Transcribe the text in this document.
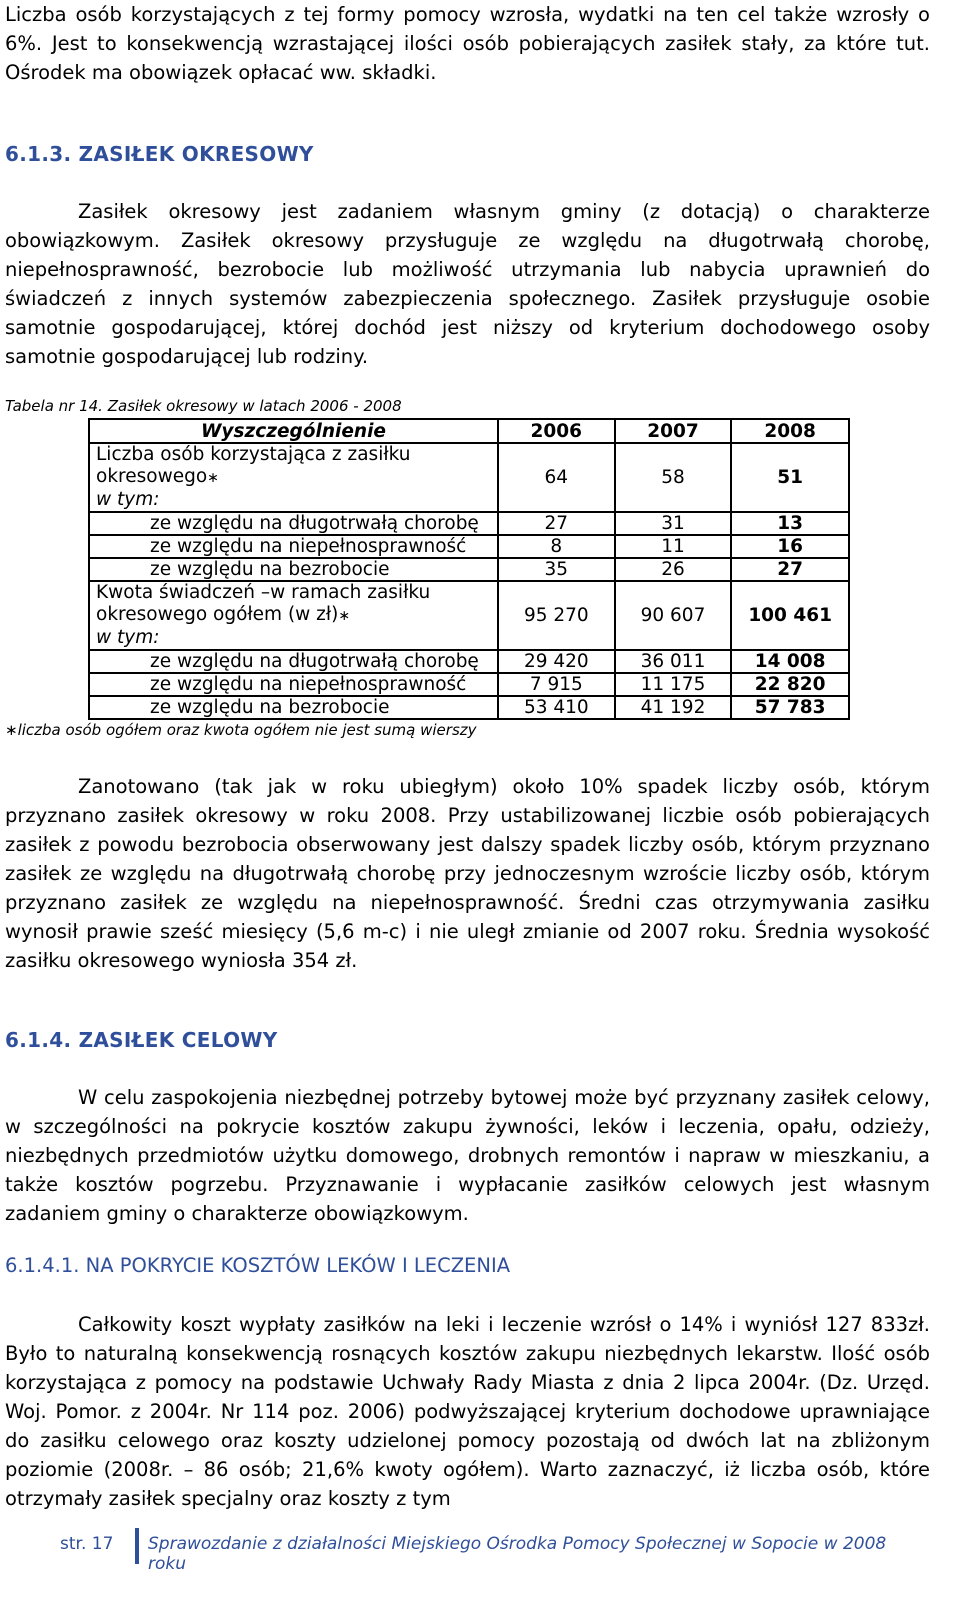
Liczba osób korzystających z tej formy pomocy wzrosła, wydatki na ten cel także wzrosły o 6%. Jest to konsekwencją wzrastającej ilości osób pobierających zasiłek stały, za które tut. Ośrodek ma obowiązek opłacać ww. składki.

6.1.3. ZASIŁEK OKRESOWY

Zasiłek okresowy jest zadaniem własnym gminy (z dotacją) o charakterze obowiązkowym. Zasiłek okresowy przysługuje ze względu na długotrwałą chorobę, niepełnosprawność, bezrobocie lub możliwość utrzymania lub nabycia uprawnień do świadczeń z innych systemów zabezpieczenia społecznego. Zasiłek przysługuje osobie samotnie gospodarującej, której dochód jest niższy od kryterium dochodowego osoby samotnie gospodarującej lub rodziny.

Tabela nr 14. Zasiłek okresowy w latach 2006 - 2008
Wyszczególnienie	2006	2007	2008
Liczba osób korzystająca z zasiłku
okresowego∗
w tym:	64	58	51
ze względu na długotrwałą chorobę	27	31	13
ze względu na niepełnosprawność	8	11	16
ze względu na bezrobocie	35	26	27
Kwota świadczeń –w ramach zasiłku
okresowego ogółem (w zł)∗
w tym:	95 270	90 607	100 461
ze względu na długotrwałą chorobę	29 420	36 011	14 008
ze względu na niepełnosprawność	7 915	11 175	22 820
ze względu na bezrobocie	53 410	41 192	57 783
∗liczba osób ogółem oraz kwota ogółem nie jest sumą wierszy

Zanotowano (tak jak w roku ubiegłym) około 10% spadek liczby osób, którym przyznano zasiłek okresowy w roku 2008. Przy ustabilizowanej liczbie osób pobierających zasiłek z powodu bezrobocia obserwowany jest dalszy spadek liczby osób, którym przyznano zasiłek ze względu na długotrwałą chorobę przy jednoczesnym wzroście liczby osób, którym przyznano zasiłek ze względu na niepełnosprawność. Średni czas otrzymywania zasiłku wynosił prawie sześć miesięcy (5,6 m-c) i nie uległ zmianie od 2007 roku. Średnia wysokość zasiłku okresowego wyniosła 354 zł.

6.1.4. ZASIŁEK CELOWY

W celu zaspokojenia niezbędnej potrzeby bytowej może być przyznany zasiłek celowy, w szczególności na pokrycie kosztów zakupu żywności, leków i leczenia, opału, odzieży, niezbędnych przedmiotów użytku domowego, drobnych remontów i napraw w mieszkaniu, a także kosztów pogrzebu. Przyznawanie i wypłacanie zasiłków celowych jest własnym zadaniem gminy o charakterze obowiązkowym.

6.1.4.1. NA POKRYCIE KOSZTÓW LEKÓW I LECZENIA

Całkowity koszt wypłaty zasiłków na leki i leczenie wzrósł o 14% i wyniósł 127 833zł. Było to naturalną konsekwencją rosnących kosztów zakupu niezbędnych lekarstw. Ilość osób korzystająca z pomocy na podstawie Uchwały Rady Miasta z dnia 2 lipca 2004r. (Dz. Urzęd. Woj. Pomor. z 2004r. Nr 114 poz. 2006) podwyższającej kryterium dochodowe uprawniające do zasiłku celowego oraz koszty udzielonej pomocy pozostają od dwóch lat na zbliżonym poziomie (2008r. – 86 osób; 21,6% kwoty ogółem). Warto zaznaczyć, iż liczba osób, które otrzymały zasiłek specjalny oraz koszty z tym

str. 17 Sprawozdanie z działalności Miejskiego Ośrodka Pomocy Społecznej w Sopocie w 2008 roku
